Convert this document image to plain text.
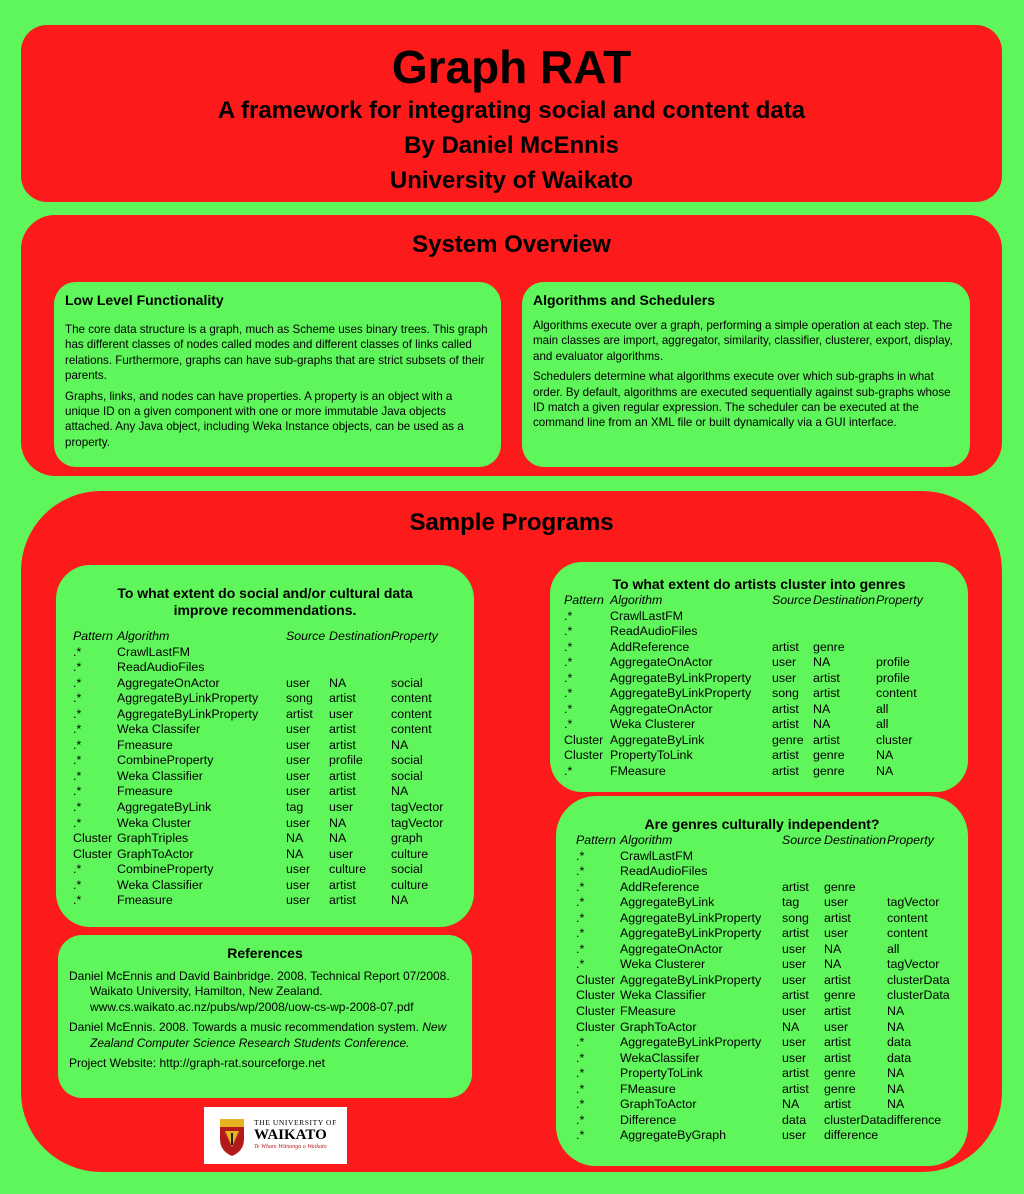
Graph RAT
A framework for integrating social and content data
By Daniel McEnnis
University of Waikato
System Overview
Low Level Functionality
The core data structure is a graph, much as Scheme uses binary trees. This graph has different classes of nodes called modes and different classes of links called relations. Furthermore, graphs can have sub-graphs that are strict subsets of their parents.
Graphs, links, and nodes can have properties. A property is an object with a unique ID on a given component with one or more immutable Java objects attached. Any Java object, including Weka Instance objects, can be used as a property.
Algorithms and Schedulers
Algorithms execute over a graph, performing a simple operation at each step. The main classes are import, aggregator, similarity, classifier, clusterer, export, display, and evaluator algorithms.
Schedulers determine what algorithms execute over which sub-graphs in what order. By default, algorithms are executed sequentially against sub-graphs whose ID match a given regular expression. The scheduler can be executed at the command line from an XML file or built dynamically via a GUI interface.
Sample Programs
To what extent do social and/or cultural data
improve recommendations.
Pattern	Algorithm	Source	Destination	Property
.*	CrawlLastFM			
.*	ReadAudioFiles			
.*	AggregateOnActor	user	NA	social
.*	AggregateByLinkProperty	song	artist	content
.*	AggregateByLinkProperty	artist	user	content
.*	Weka Classifer	user	artist	content
.*	Fmeasure	user	artist	NA
.*	CombineProperty	user	profile	social
.*	Weka Classifier	user	artist	social
.*	Fmeasure	user	artist	NA
.*	AggregateByLink	tag	user	tagVector
.*	Weka Cluster	user	NA	tagVector
Cluster	GraphTriples	NA	NA	graph
Cluster	GraphToActor	NA	user	culture
.*	CombineProperty	user	culture	social
.*	Weka Classifier	user	artist	culture
.*	Fmeasure	user	artist	NA
To what extent do artists cluster into genres
Pattern	Algorithm	Source	Destination	Property
.*	CrawlLastFM			
.*	ReadAudioFiles			
.*	AddReference	artist	genre	
.*	AggregateOnActor	user	NA	profile
.*	AggregateByLinkProperty	user	artist	profile
.*	AggregateByLinkProperty	song	artist	content
.*	AggregateOnActor	artist	NA	all
.*	Weka Clusterer	artist	NA	all
Cluster	AggregateByLink	genre	artist	cluster
Cluster	PropertyToLink	artist	genre	NA
.*	FMeasure	artist	genre	NA
Are genres culturally independent?
Pattern	Algorithm	Source	Destination	Property
.*	CrawlLastFM			
.*	ReadAudioFiles			
.*	AddReference	artist	genre	
.*	AggregateByLink	tag	user	tagVector
.*	AggregateByLinkProperty	song	artist	content
.*	AggregateByLinkProperty	artist	user	content
.*	AggregateOnActor	user	NA	all
.*	Weka Clusterer	user	NA	tagVector
Cluster	AggregateByLinkProperty	user	artist	clusterData
Cluster	Weka Classifier	artist	genre	clusterData
Cluster	FMeasure	user	artist	NA
Cluster	GraphToActor	NA	user	NA
.*	AggregateByLinkProperty	user	artist	data
.*	WekaClassifer	user	artist	data
.*	PropertyToLink	artist	genre	NA
.*	FMeasure	artist	genre	NA
.*	GraphToActor	NA	artist	NA
.*	Difference	data	clusterData	difference
.*	AggregateByGraph	user	difference	
References
Daniel McEnnis and David Bainbridge. 2008. Technical Report 07/2008. Waikato University, Hamilton, New Zealand. www.cs.waikato.ac.nz/pubs/wp/2008/uow-cs-wp-2008-07.pdf
Daniel McEnnis. 2008. Towards a music recommendation system. New Zealand Computer Science Research Students Conference.
Project Website: http://graph-rat.sourceforge.net
THE UNIVERSITY OF
WAIKATO
Te Whare Wānanga o Waikato
